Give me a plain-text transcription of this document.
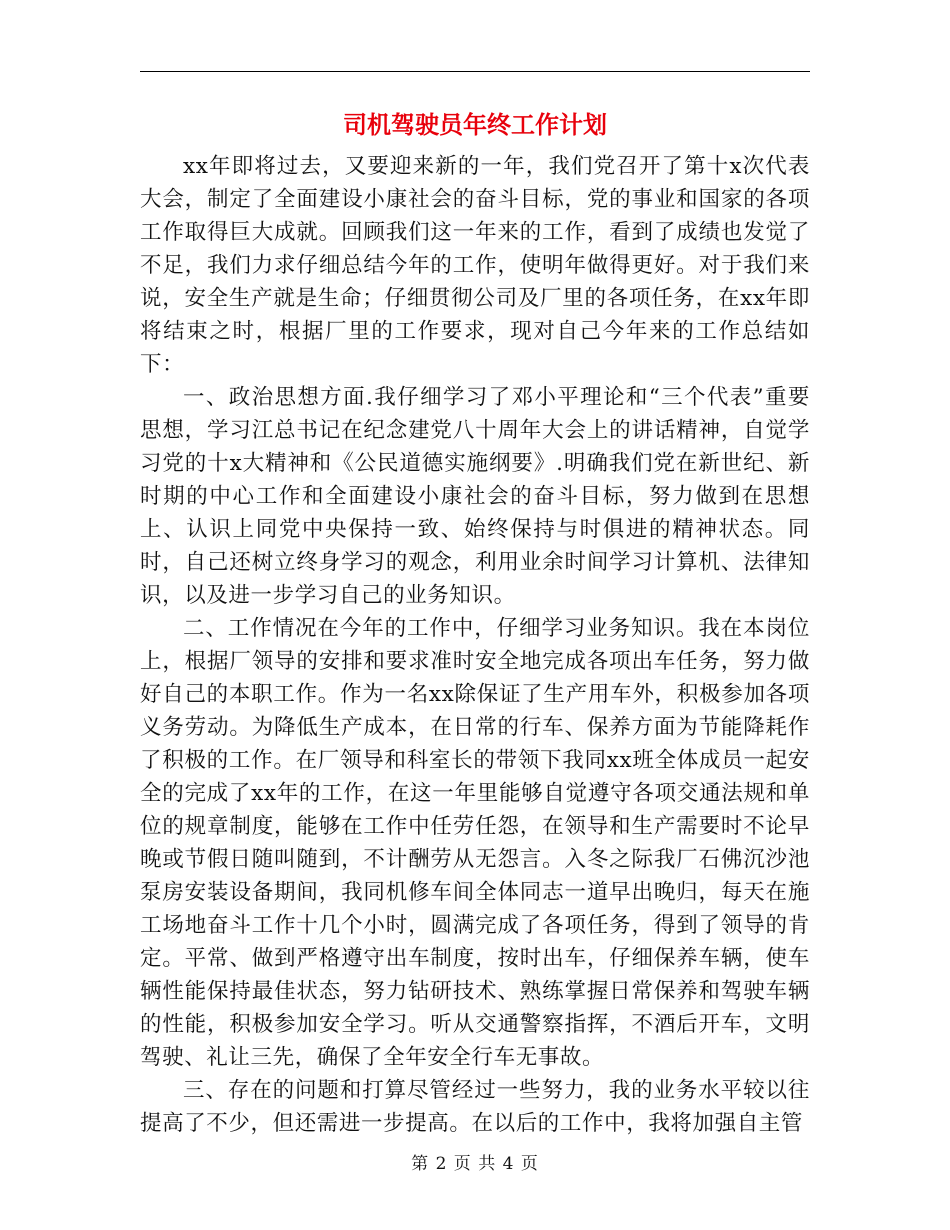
司机驾驶员年终工作计划

xx年即将过去，又要迎来新的一年，我们党召开了第十x次代表大会，制定了全面建设小康社会的奋斗目标，党的事业和国家的各项工作取得巨大成就。回顾我们这一年来的工作，看到了成绩也发觉了不足，我们力求仔细总结今年的工作，使明年做得更好。对于我们来说，安全生产就是生命；仔细贯彻公司及厂里的各项任务，在xx年即将结束之时，根据厂里的工作要求，现对自己今年来的工作总结如下：

一、政治思想方面.我仔细学习了邓小平理论和“三个代表”重要思想，学习江总书记在纪念建党八十周年大会上的讲话精神，自觉学习党的十x大精神和《公民道德实施纲要》.明确我们党在新世纪、新时期的中心工作和全面建设小康社会的奋斗目标，努力做到在思想上、认识上同党中央保持一致、始终保持与时俱进的精神状态。同时，自己还树立终身学习的观念，利用业余时间学习计算机、法律知识，以及进一步学习自己的业务知识。

二、工作情况在今年的工作中，仔细学习业务知识。我在本岗位上，根据厂领导的安排和要求准时安全地完成各项出车任务，努力做好自己的本职工作。作为一名xx除保证了生产用车外，积极参加各项义务劳动。为降低生产成本，在日常的行车、保养方面为节能降耗作了积极的工作。在厂领导和科室长的带领下我同xx班全体成员一起安全的完成了xx年的工作，在这一年里能够自觉遵守各项交通法规和单位的规章制度，能够在工作中任劳任怨，在领导和生产需要时不论早晚或节假日随叫随到，不计酬劳从无怨言。入冬之际我厂石佛沉沙池泵房安装设备期间，我同机修车间全体同志一道早出晚归，每天在施工场地奋斗工作十几个小时，圆满完成了各项任务，得到了领导的肯定。平常、做到严格遵守出车制度，按时出车，仔细保养车辆，使车辆性能保持最佳状态，努力钻研技术、熟练掌握日常保养和驾驶车辆的性能，积极参加安全学习。听从交通警察指挥，不酒后开车，文明驾驶、礼让三先，确保了全年安全行车无事故。

三、存在的问题和打算尽管经过一些努力，我的业务水平较以往提高了不少，但还需进一步提高。在以后的工作中，我将加强自主管

第 2 页 共 4 页
